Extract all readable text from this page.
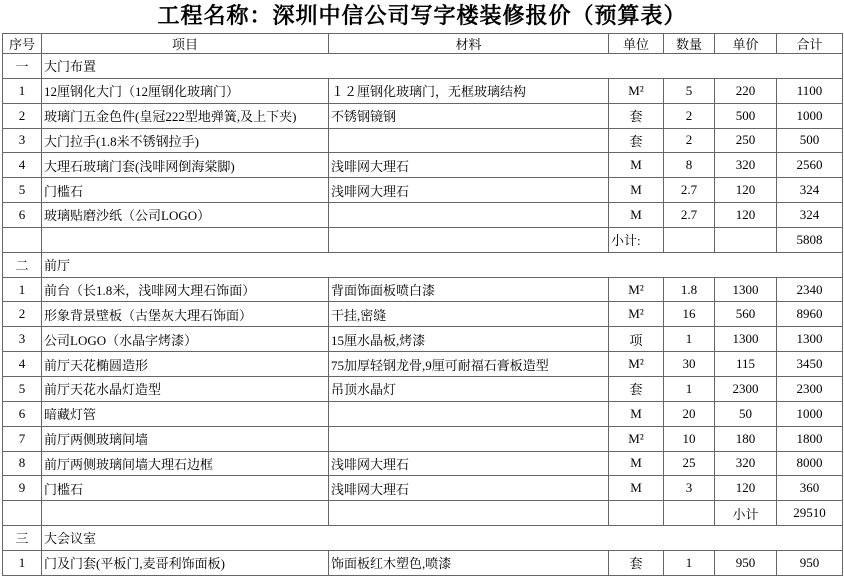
工程名称：深圳中信公司写字楼装修报价（预算表）
序号	项目	材料	单位	数量	单价	合计
一	大门布置					
1	12厘钢化大门（12厘钢化玻璃门）	１２厘钢化玻璃门，无框玻璃结构	M²	5	220	1100
2	玻璃门五金色件(皇冠222型地弹簧,及上下夹)	不锈钢镜钢	套	2	500	1000
3	大门拉手(1.8米不锈钢拉手)		套	2	250	500
4	大理石玻璃门套(浅啡网倒海棠脚)	浅啡网大理石	M	8	320	2560
5	门槛石	浅啡网大理石	M	2.7	120	324
6	玻璃贴磨沙纸（公司LOGO）		M	2.7	120	324
			小计:			5808
二	前厅					
1	前台（长1.8米，浅啡网大理石饰面）	背面饰面板喷白漆	M²	1.8	1300	2340
2	形象背景壁板（古堡灰大理石饰面）	干挂,密缝	M²	16	560	8960
3	公司LOGO（水晶字烤漆）	15厘水晶板,烤漆	项	1	1300	1300
4	前厅天花椭圆造形	75加厚轻钢龙骨,9厘可耐福石膏板造型	M²	30	115	3450
5	前厅天花水晶灯造型	吊顶水晶灯	套	1	2300	2300
6	暗藏灯管		M	20	50	1000
7	前厅两侧玻璃间墙		M²	10	180	1800
8	前厅两侧玻璃间墙大理石边框	浅啡网大理石	M	25	320	8000
9	门槛石	浅啡网大理石	M	3	120	360
					小计	29510
三	大会议室					
1	门及门套(平板门,麦哥利饰面板)	饰面板红木塑色,喷漆	套	1	950	950
